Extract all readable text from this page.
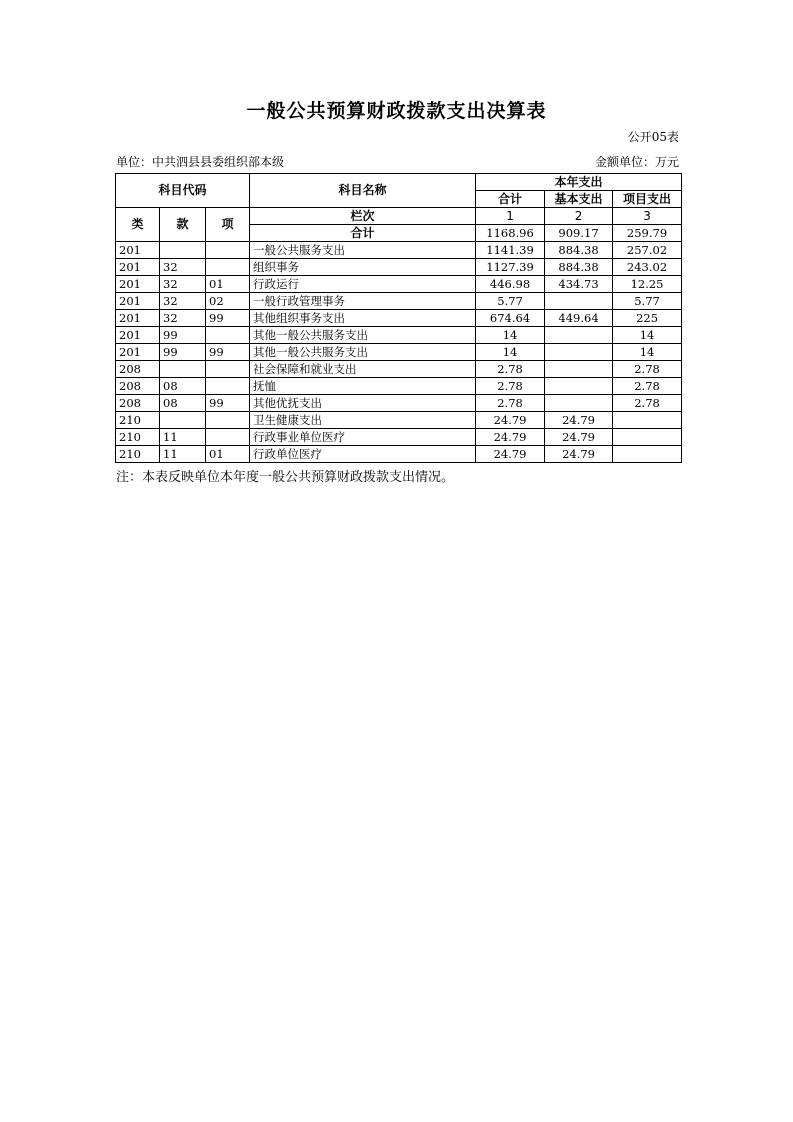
一般公共预算财政拨款支出决算表
公开05表
单位：中共泗县县委组织部本级	金额单位：万元
科目代码			科目名称	本年支出		
				合计	基本支出	项目支出
类	款	项	栏次	1	2	3
			合计	1168.96	909.17	259.79
201			一般公共服务支出	1141.39	884.38	257.02
201	32		组织事务	1127.39	884.38	243.02
201	32	01	行政运行	446.98	434.73	12.25
201	32	02	一般行政管理事务	5.77		5.77
201	32	99	其他组织事务支出	674.64	449.64	225
201	99		其他一般公共服务支出	14		14
201	99	99	其他一般公共服务支出	14		14
208			社会保障和就业支出	2.78		2.78
208	08		抚恤	2.78		2.78
208	08	99	其他优抚支出	2.78		2.78
210			卫生健康支出	24.79	24.79	
210	11		行政事业单位医疗	24.79	24.79	
210	11	01	行政单位医疗	24.79	24.79	
注：本表反映单位本年度一般公共预算财政拨款支出情况。
